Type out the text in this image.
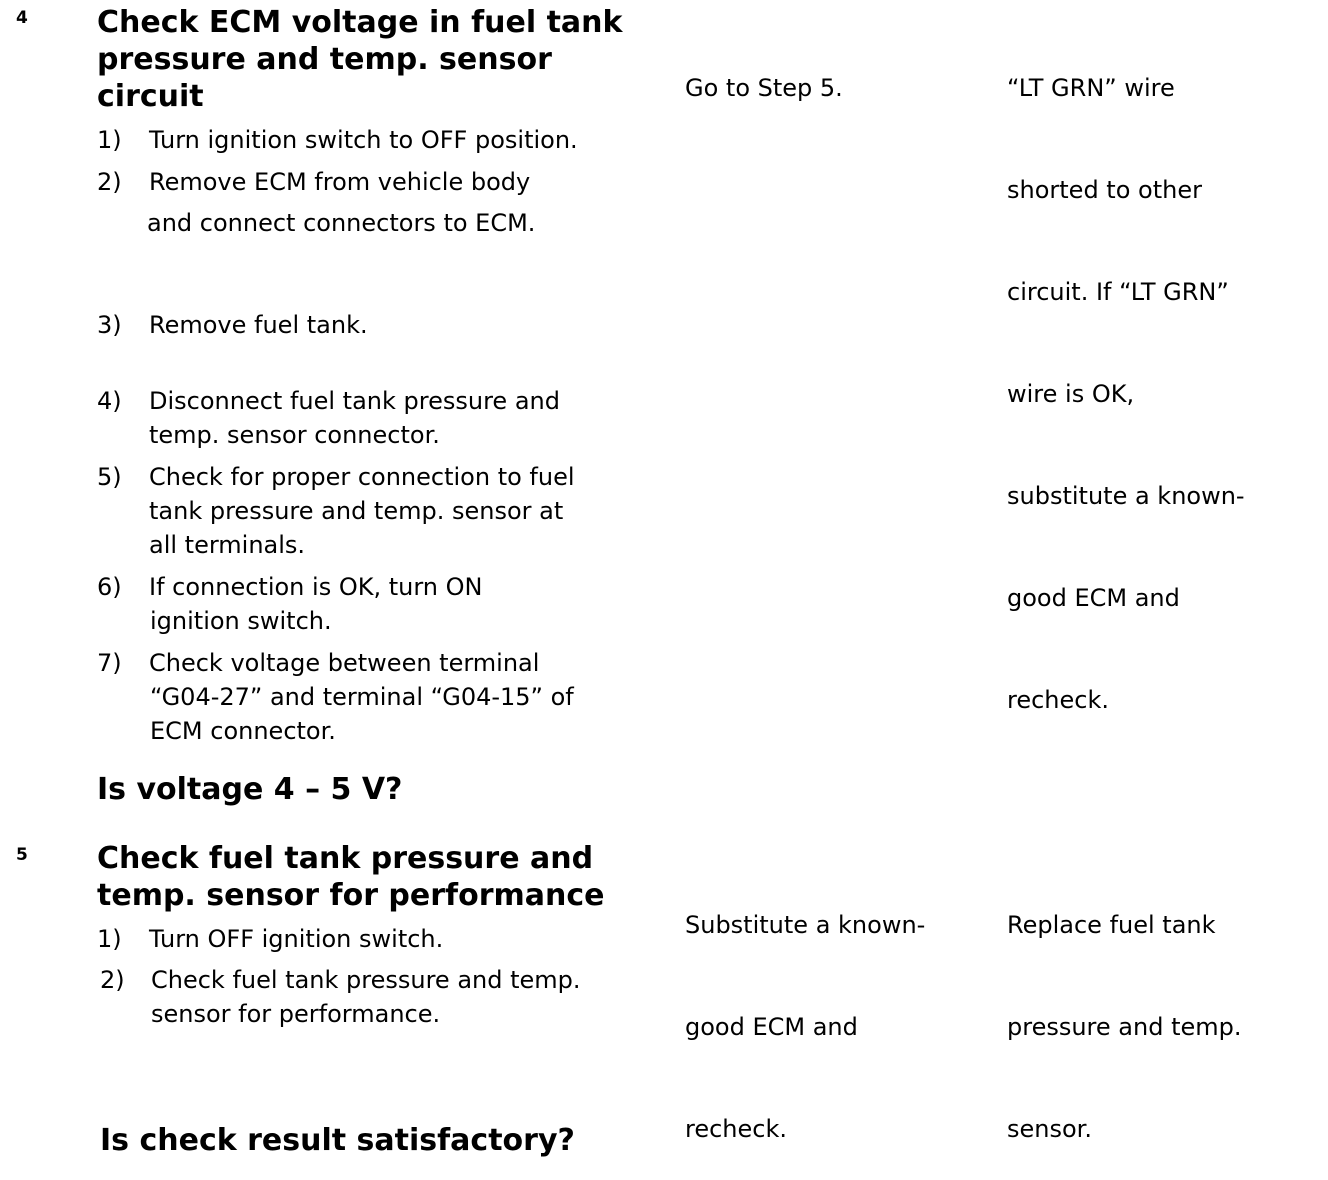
4 Check ECM voltage in fuel tank
pressure and temp. sensor
circuit
1) Turn ignition switch to OFF position.
2) Remove ECM from vehicle body
and connect connectors to ECM.
3) Remove fuel tank.
4) Disconnect fuel tank pressure and
temp. sensor connector.
5) Check for proper connection to fuel
tank pressure and temp. sensor at
all terminals.
6) If connection is OK, turn ON
ignition switch.
7) Check voltage between terminal
“G04-27” and terminal “G04-15” of
ECM connector.
Is voltage 4 – 5 V?

Go to Step 5.

	“LT GRN” wire

shorted to other

circuit. If “LT GRN”

wire is OK,

substitute a known-

good ECM and

recheck.

5 Check fuel tank pressure and
temp. sensor for performance
1) Turn OFF ignition switch.
2) Check fuel tank pressure and temp.
sensor for performance.
Is check result satisfactory?

Substitute a known-

good ECM and

recheck.

Replace fuel tank

pressure and temp.

sensor.
